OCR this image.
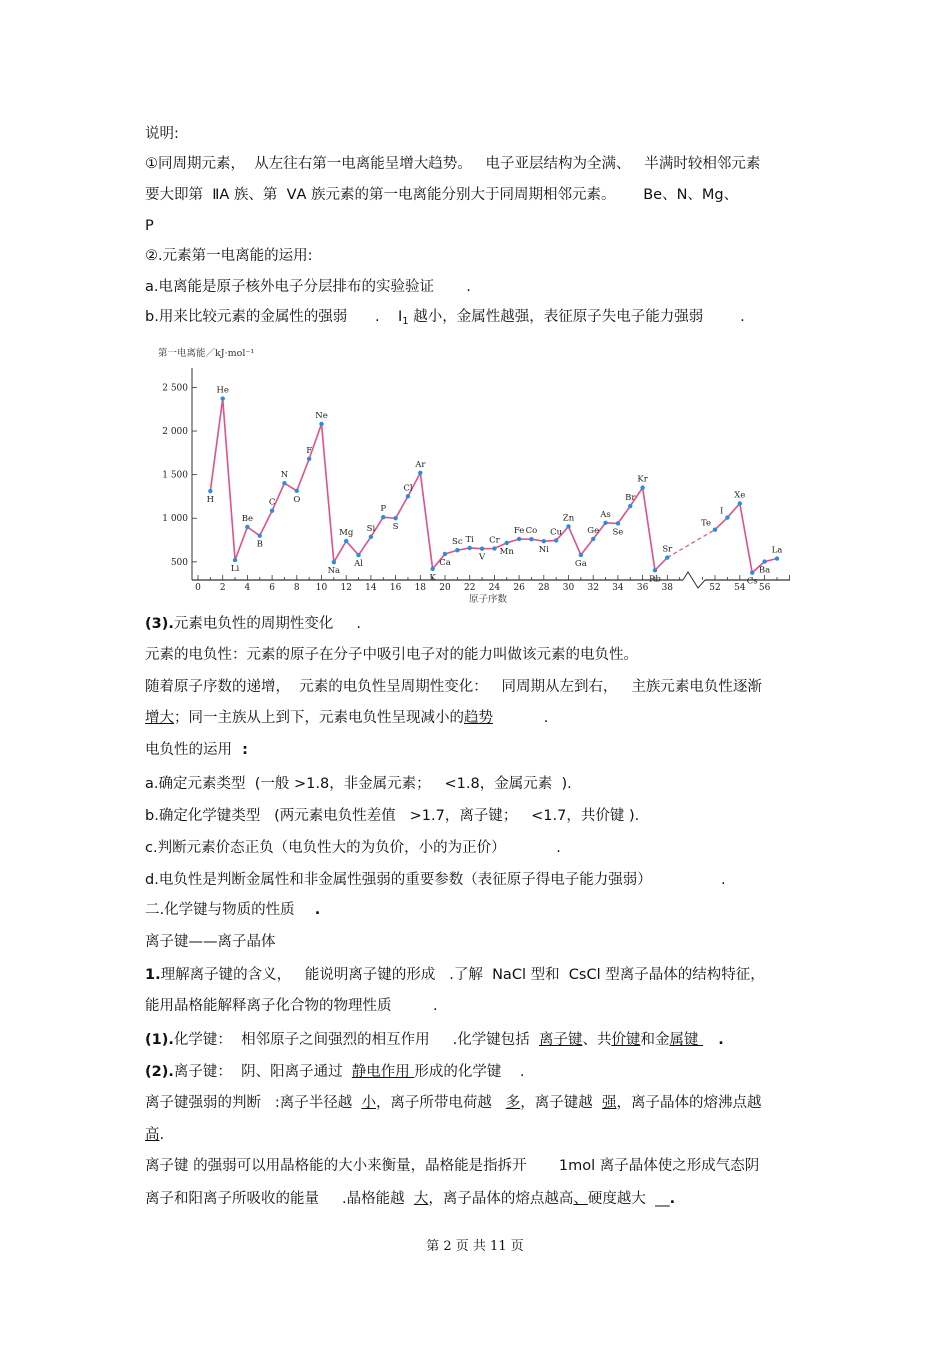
说明:
①同周期元素，  从左往右第一电离能呈增大趋势。   电子亚层结构为全满、   半满时较相邻元素
要大即第  ⅡA 族、第  ⅤA 族元素的第一电离能分别大于同周期相邻元素。      Be、N、Mg、
P
②.元素第一电离能的运用:
a.电离能是原子核外电子分层排布的实验验证       .
b.用来比较元素的金属性的强弱      .    $I_1$ 越小，金属性越强，表征原子失电子能力强弱        .
第一电离能／kJ·mol⁻¹
0 2 4 6 8 10 12 14 16 18 20 22 24 26 28 30 32 34 36 38	52 54 56
500
1 000
1 500
2 000
2 500
H
He
Li
Be
B
C
N
O
F
Ne
Na
Mg
Al
Si
P
S
Cl
Ar
K
Ca
Sc Ti
V
Cr
Mn
Fe Co
Ni
Cu
Zn
Ga
Ge
As
Se
Br
Kr
Rb
Sr
Te
I
Xe
Cs
Ba
La
原子序数
(3).元素电负性的周期性变化     .
元素的电负性：元素的原子在分子中吸引电子对的能力叫做该元素的电负性。
随着原子序数的递增，  元素的电负性呈周期性变化：   同周期从左到右，   主族元素电负性逐渐
增大；同一主族从上到下，元素电负性呈现减小的趋势           .
电负性的运用  :
a.确定元素类型  (一般 >1.8，非金属元素；   <1.8，金属元素  ).
b.确定化学键类型   (两元素电负性差值   >1.7，离子键；   <1.7，共价键 ).
c.判断元素价态正负（电负性大的为负价，小的为正价）           .
d.电负性是判断金属性和非金属性强弱的重要参数（表征原子得电子能力强弱）               .
二.化学键与物质的性质    .
离子键——离子晶体
1.理解离子键的含义，   能说明离子键的形成   .了解  NaCl 型和  CsCl 型离子晶体的结构特征，
能用晶格能解释离子化合物的物理性质         .
(1).化学键：  相邻原子之间强烈的相互作用     .化学键包括  离子键、共价键和金属键    .
(2).离子键：  阴、阳离子通过  静电作用 形成的化学键    .
离子键强弱的判断   :离子半径越  小，离子所带电荷越   多，离子键越  强，离子晶体的熔沸点越
高.
离子键 的强弱可以用晶格能的大小来衡量，晶格能是指拆开       1mol 离子晶体使之形成气态阴
离子和阳离子所吸收的能量     .晶格能越  大，离子晶体的熔点越高、硬度越大  __.
第 2 页 共 11 页
